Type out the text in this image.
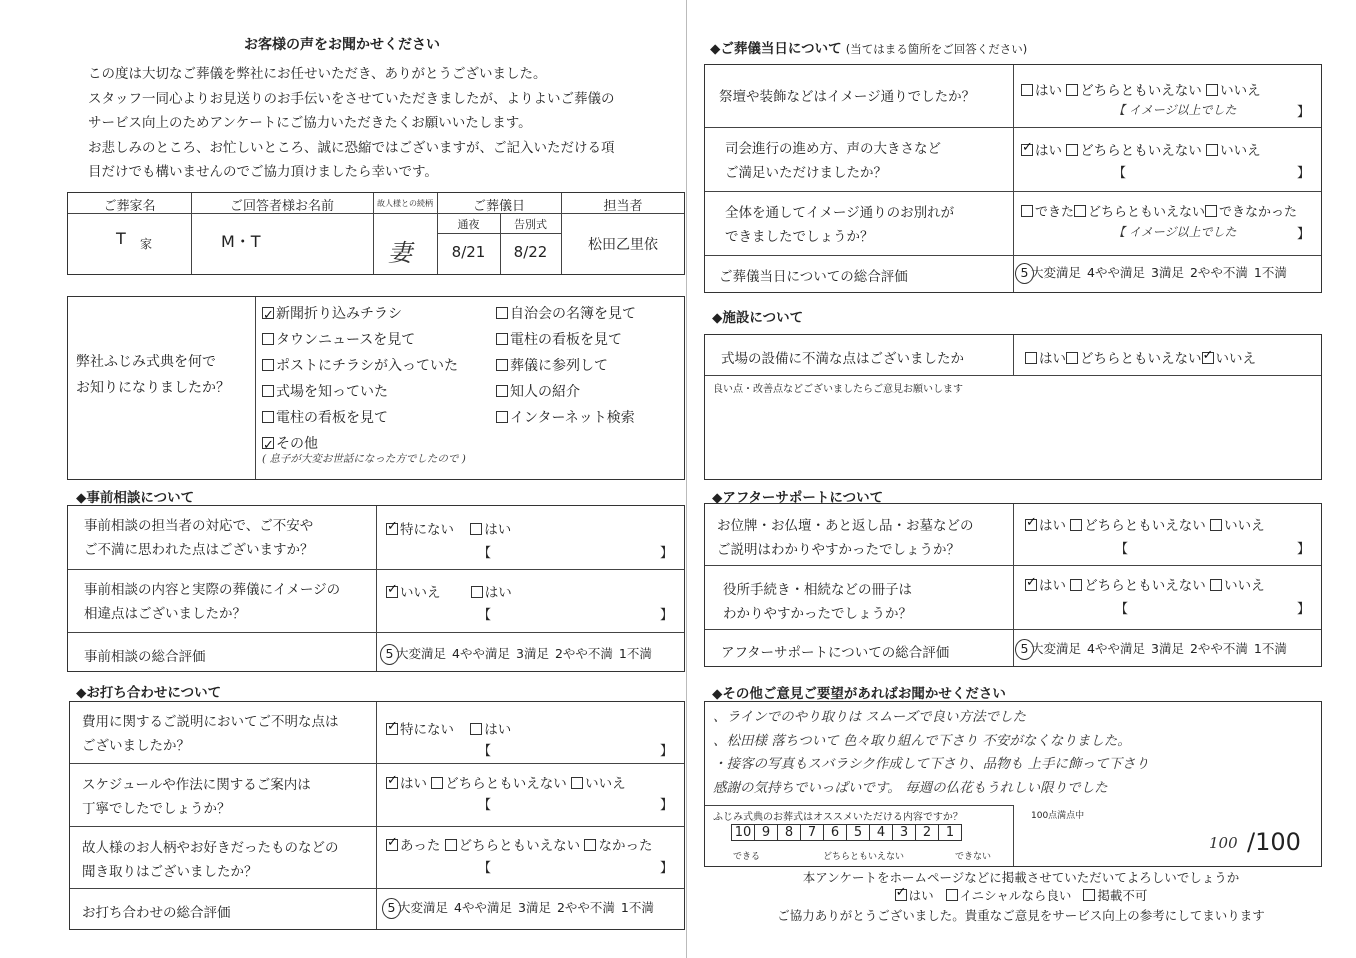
お客様の声をお聞かせください
この度は大切なご葬儀を弊社にお任せいただき、ありがとうございました。
スタッフ一同心よりお見送りのお手伝いをさせていただきましたが、よりよいご葬儀の
サービス向上のためアンケートにご協力いただきたくお願いいたします。
お悲しみのところ、お忙しいところ、誠に恐縮ではございますが、ご記入いただける項
目だけでも構いませんのでご協力頂けましたら幸いです。
ご葬家名	ご回答者様お名前	故人様との続柄	ご葬儀日
通夜	告別式
担当者
T 家	M・T	妻	8/21	8/22	松田乙里依
弊社ふじみ式典を何で
お知りになりましたか？
✓新聞折り込みチラシ
タウンニュースを見て
ポストにチラシが入っていた
式場を知っていた
電柱の看板を見て
✓その他
自治会の名簿を見て
電柱の看板を見て
葬儀に参列して
知人の紹介
インターネット検索
( 息子が大変お世話になった方でしたので )
◆事前相談について
事前相談の担当者の対応で、ご不安や
ご不満に思われた点はございますか？
✓特にない はい
【	】
事前相談の内容と実際の葬儀にイメージの
相違点はございましたか？
✓いいえ	はい
【	】
事前相談の総合評価	5 大変満足 4やや満足 3満足 2やや不満 1不満
◆お打ち合わせについて
費用に関するご説明においてご不明な点は
ございましたか？
✓特にない はい
【	】
スケジュールや作法に関するご案内は
丁寧でしたでしょうか？
✓はい どちらともいえない いいえ
【	】
故人様のお人柄やお好きだったものなどの
聞き取りはございましたか？
✓あった どちらともいえない なかった
【	】
お打ち合わせの総合評価	5 大変満足 4やや満足 3満足 2やや不満 1不満
◆ご葬儀当日について (当てはまる箇所をご回答ください)
祭壇や装飾などはイメージ通りでしたか？	はい どちらともいえない いいえ
【 イメージ以上でした	】
司会進行の進め方、声の大きさなど
ご満足いただけましたか？
✓はい どちらともいえない いいえ
【	】
全体を通してイメージ通りのお別れが
できましたでしょうか？
できた どちらともいえない できなかった
【 イメージ以上でした	】
ご葬儀当日についての総合評価	5 大変満足 4やや満足 3満足 2やや不満 1不満
◆施設について
式場の設備に不満な点はございましたか	はい どちらともいえない✓ いいえ
良い点・改善点などございましたらご意見お願いします
◆アフターサポートについて
お位牌・お仏壇・あと返し品・お墓などの
ご説明はわかりやすかったでしょうか？
✓はい どちらともいえない いいえ
【	】
役所手続き・相続などの冊子は
わかりやすかったでしょうか？
✓はい どちらともいえない いいえ
【	】
アフターサポートについての総合評価	5 大変満足 4やや満足 3満足 2やや不満 1不満
◆その他ご意見ご要望があればお聞かせください
、ラインでのやり取りは スムーズで良い方法でした
、松田様 落ちついて 色々取り組んで下さり 不安がなくなりました。
・接客の写真もスバラシク作成して下さり、品物も 上手に飾って下さり
感謝の気持ちでいっぱいです。 毎週の仏花もうれしい限りでした
ふじみ式典のお葬式はオススメいただける内容ですか？
10 9	8	7	6	5	4	3	2	1
できる	どちらともいえない	できない
100点満点中
100 /100
本アンケートをホームページなどに掲載させていただいてよろしいでしょうか
✓はい イニシャルなら良い 掲載不可
ご協力ありがとうございました。貴重なご意見をサービス向上の参考にしてまいります
